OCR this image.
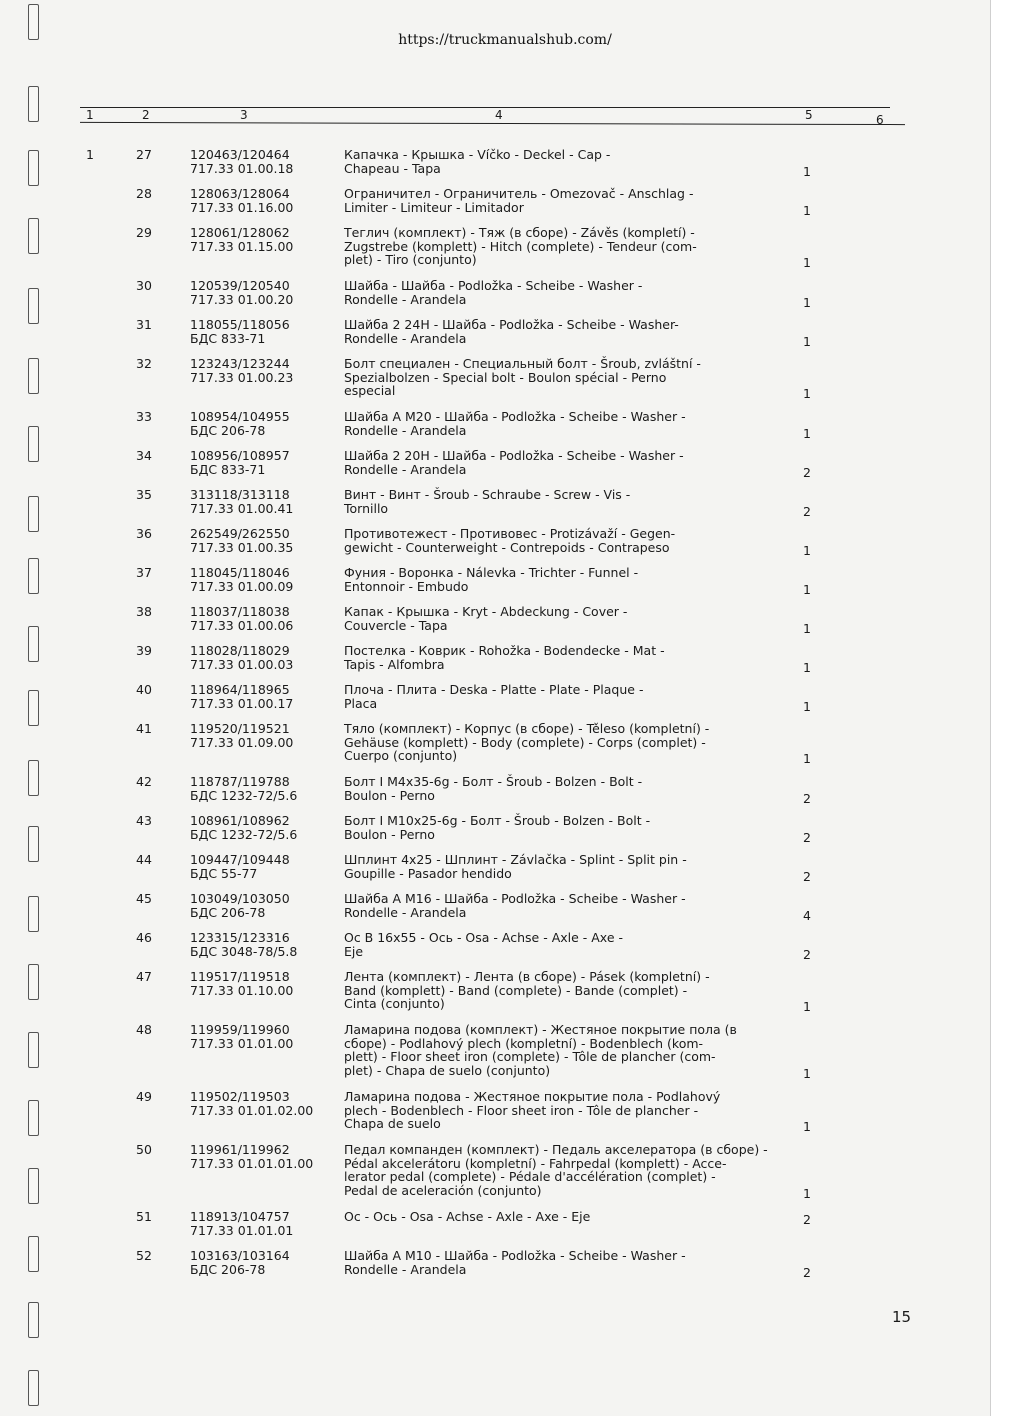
https://truckmanualshub.com/
1	2	3	4	5	6
1	27	120463/120464
717.33 01.00.18
Капачка - Крышка - Víčko - Deckel - Cap -
Chapeau - Tapa	1
28	128063/128064
717.33 01.16.00
Ограничител - Ограничитель - Omezovač - Anschlag -
Limiter - Limiteur - Limitador	1
29	128061/128062
717.33 01.15.00
Теглич (комплект) - Тяж (в сборе) - Závěs (kompletí) -
Zugstrebe (komplett) - Hitch (complete) - Tendeur (com-
plet) - Tiro (conjunto)	1
30	120539/120540
717.33 01.00.20
Шайба - Шайба - Podložka - Scheibe - Washer -
Rondelle - Arandela	1
31	118055/118056
БДС 833-71
Шайба 2 24Н - Шайба - Podložka - Scheibe - Washer-
Rondelle - Arandela	1
32	123243/123244
717.33 01.00.23
Болт специален - Специальный болт - Šroub, zvláštní -
Spezialbolzen - Special bolt - Boulon spécial - Perno
especial	1
33	108954/104955
БДС 206-78
Шайба А М20 - Шайба - Podložka - Scheibe - Washer -
Rondelle - Arandela	1
34	108956/108957
БДС 833-71
Шайба 2 20Н - Шайба - Podložka - Scheibe - Washer -
Rondelle - Arandela	2
35	313118/313118
717.33 01.00.41
Винт - Винт - Šroub - Schraube - Screw - Vis -
Tornillo	2
36	262549/262550
717.33 01.00.35
Противотежест - Противовес - Protizávaží - Gegen-
gewicht - Counterweight - Contrepoids - Contrapeso	1
37	118045/118046
717.33 01.00.09
Фуния - Воронка - Nálevka - Trichter - Funnel -
Entonnoir - Embudo	1
38	118037/118038
717.33 01.00.06
Капак - Крышка - Kryt - Abdeckung - Cover -
Couvercle - Tapa	1
39	118028/118029
717.33 01.00.03
Постелка - Коврик - Rohožka - Bodendecke - Mat -
Tapis - Alfombra	1
40	118964/118965
717.33 01.00.17
Плоча - Плита - Deska - Platte - Plate - Plaque -
Placa	1
41	119520/119521
717.33 01.09.00
Тяло (комплект) - Корпус (в сборе) - Těleso (kompletní) -
Gehäuse (komplett) - Body (complete) - Corps (complet) -
Cuerpo (conjunto)	1
42	118787/119788
БДС 1232-72/5.6
Болт I M4x35-6g - Болт - Šroub - Bolzen - Bolt -
Boulon - Perno	2
43	108961/108962
БДС 1232-72/5.6
Болт I M10x25-6g - Болт - Šroub - Bolzen - Bolt -
Boulon - Perno	2
44	109447/109448
БДС 55-77
Шплинт 4x25 - Шплинт - Závlačka - Splint - Split pin -
Goupille - Pasador hendido	2
45	103049/103050
БДС 206-78
Шайба А М16 - Шайба - Podložka - Scheibe - Washer -
Rondelle - Arandela	4
46	123315/123316
БДС 3048-78/5.8
Ос В 16x55 - Ось - Osa - Achse - Axle - Axe -
Eje	2
47	119517/119518
717.33 01.10.00
Лента (комплект) - Лента (в сборе) - Pásek (kompletní) -
Band (komplett) - Band (complete) - Bande (complet) -
Cinta (conjunto)	1
48	119959/119960
717.33 01.01.00
Ламарина подова (комплект) - Жестяное покрытие пола (в
сборе) - Podlahový plech (kompletní) - Bodenblech (kom-
plett) - Floor sheet iron (complete) - Tôle de plancher (com-
plet) - Chapa de suelo (conjunto)	1
49	119502/119503
717.33 01.01.02.00
Ламарина подова - Жестяное покрытие пола - Podlahový
plech - Bodenblech - Floor sheet iron - Tôle de plancher -
Chapa de suelo	1
50	119961/119962
717.33 01.01.01.00
Педал компанден (комплект) - Педаль акселератора (в сборе) -
Pédal akcelerátoru (kompletní) - Fahrpedal (komplett) - Acce-
lerator pedal (complete) - Pédale d'accélération (complet) -
Pedal de aceleración (conjunto)	1
51	118913/104757
717.33 01.01.01
Ос - Ось - Osa - Achse - Axle - Axe - Eje	2
52	103163/103164
БДС 206-78
Шайба А М10 - Шайба - Podložka - Scheibe - Washer -
Rondelle - Arandela	2
15
